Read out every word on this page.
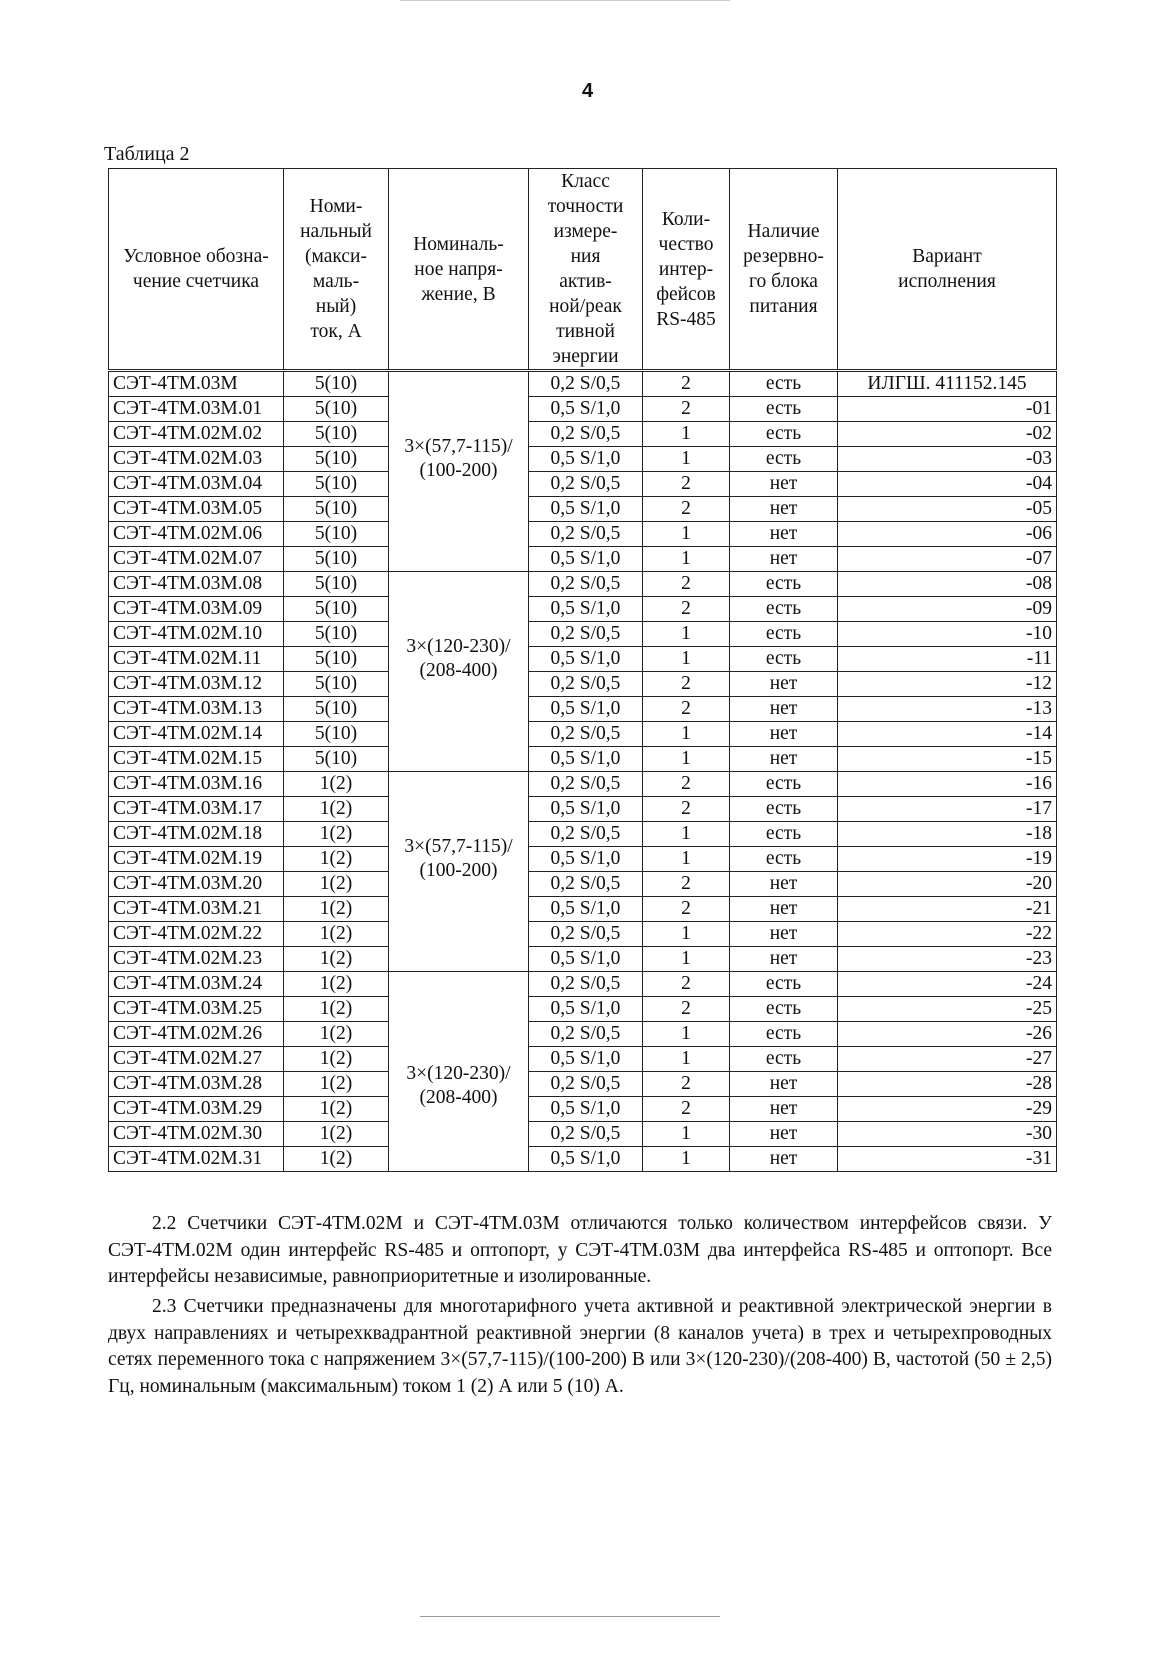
4
Таблица 2
Условное обозна-
чение счетчика	Номи-
нальный
(макси-
маль-
ный)
ток, А	Номиналь-
ное напря-
жение, В	Класс
точности
измере-
ния
актив-
ной/реак
тивной
энергии	Коли-
чество
интер-
фейсов
RS-485	Наличие
резервно-
го блока
питания	Вариант
исполнения
СЭТ-4ТМ.03М	5(10)	3×(57,7-115)/
(100-200)	0,2 S/0,5	2	есть	ИЛГШ. 411152.145
СЭТ-4ТМ.03М.01	5(10)		0,5 S/1,0	2	есть	-01
СЭТ-4ТМ.02М.02	5(10)		0,2 S/0,5	1	есть	-02
СЭТ-4ТМ.02М.03	5(10)		0,5 S/1,0	1	есть	-03
СЭТ-4ТМ.03М.04	5(10)		0,2 S/0,5	2	нет	-04
СЭТ-4ТМ.03М.05	5(10)		0,5 S/1,0	2	нет	-05
СЭТ-4ТМ.02М.06	5(10)		0,2 S/0,5	1	нет	-06
СЭТ-4ТМ.02М.07	5(10)		0,5 S/1,0	1	нет	-07
СЭТ-4ТМ.03М.08	5(10)	3×(120-230)/
(208-400)	0,2 S/0,5	2	есть	-08
СЭТ-4ТМ.03М.09	5(10)		0,5 S/1,0	2	есть	-09
СЭТ-4ТМ.02М.10	5(10)		0,2 S/0,5	1	есть	-10
СЭТ-4ТМ.02М.11	5(10)		0,5 S/1,0	1	есть	-11
СЭТ-4ТМ.03М.12	5(10)		0,2 S/0,5	2	нет	-12
СЭТ-4ТМ.03М.13	5(10)		0,5 S/1,0	2	нет	-13
СЭТ-4ТМ.02М.14	5(10)		0,2 S/0,5	1	нет	-14
СЭТ-4ТМ.02М.15	5(10)		0,5 S/1,0	1	нет	-15
СЭТ-4ТМ.03М.16	1(2)	3×(57,7-115)/
(100-200)	0,2 S/0,5	2	есть	-16
СЭТ-4ТМ.03М.17	1(2)		0,5 S/1,0	2	есть	-17
СЭТ-4ТМ.02М.18	1(2)		0,2 S/0,5	1	есть	-18
СЭТ-4ТМ.02М.19	1(2)		0,5 S/1,0	1	есть	-19
СЭТ-4ТМ.03М.20	1(2)		0,2 S/0,5	2	нет	-20
СЭТ-4ТМ.03М.21	1(2)		0,5 S/1,0	2	нет	-21
СЭТ-4ТМ.02М.22	1(2)		0,2 S/0,5	1	нет	-22
СЭТ-4ТМ.02М.23	1(2)		0,5 S/1,0	1	нет	-23
СЭТ-4ТМ.03М.24	1(2)	3×(120-230)/
(208-400)	0,2 S/0,5	2	есть	-24
СЭТ-4ТМ.03М.25	1(2)		0,5 S/1,0	2	есть	-25
СЭТ-4ТМ.02М.26	1(2)		0,2 S/0,5	1	есть	-26
СЭТ-4ТМ.02М.27	1(2)		0,5 S/1,0	1	есть	-27
СЭТ-4ТМ.03М.28	1(2)		0,2 S/0,5	2	нет	-28
СЭТ-4ТМ.03М.29	1(2)		0,5 S/1,0	2	нет	-29
СЭТ-4ТМ.02М.30	1(2)		0,2 S/0,5	1	нет	-30
СЭТ-4ТМ.02М.31	1(2)		0,5 S/1,0	1	нет	-31
2.2 Счетчики СЭТ-4ТМ.02М и СЭТ-4ТМ.03М отличаются только количеством интерфейсов связи. У СЭТ-4ТМ.02М один интерфейс RS-485 и оптопорт, у СЭТ-4ТМ.03М два интерфейса RS-485 и оптопорт. Все интерфейсы независимые, равноприоритетные и изолированные.
2.3 Счетчики предназначены для многотарифного учета активной и реактивной электрической энергии в двух направлениях и четырехквадрантной реактивной энергии (8 каналов учета) в трех и четырехпроводных сетях переменного тока с напряжением 3×(57,7-115)/(100-200) В или 3×(120-230)/(208-400) В, частотой (50 ± 2,5) Гц, номинальным (максимальным) током 1 (2) А или 5 (10) А.
